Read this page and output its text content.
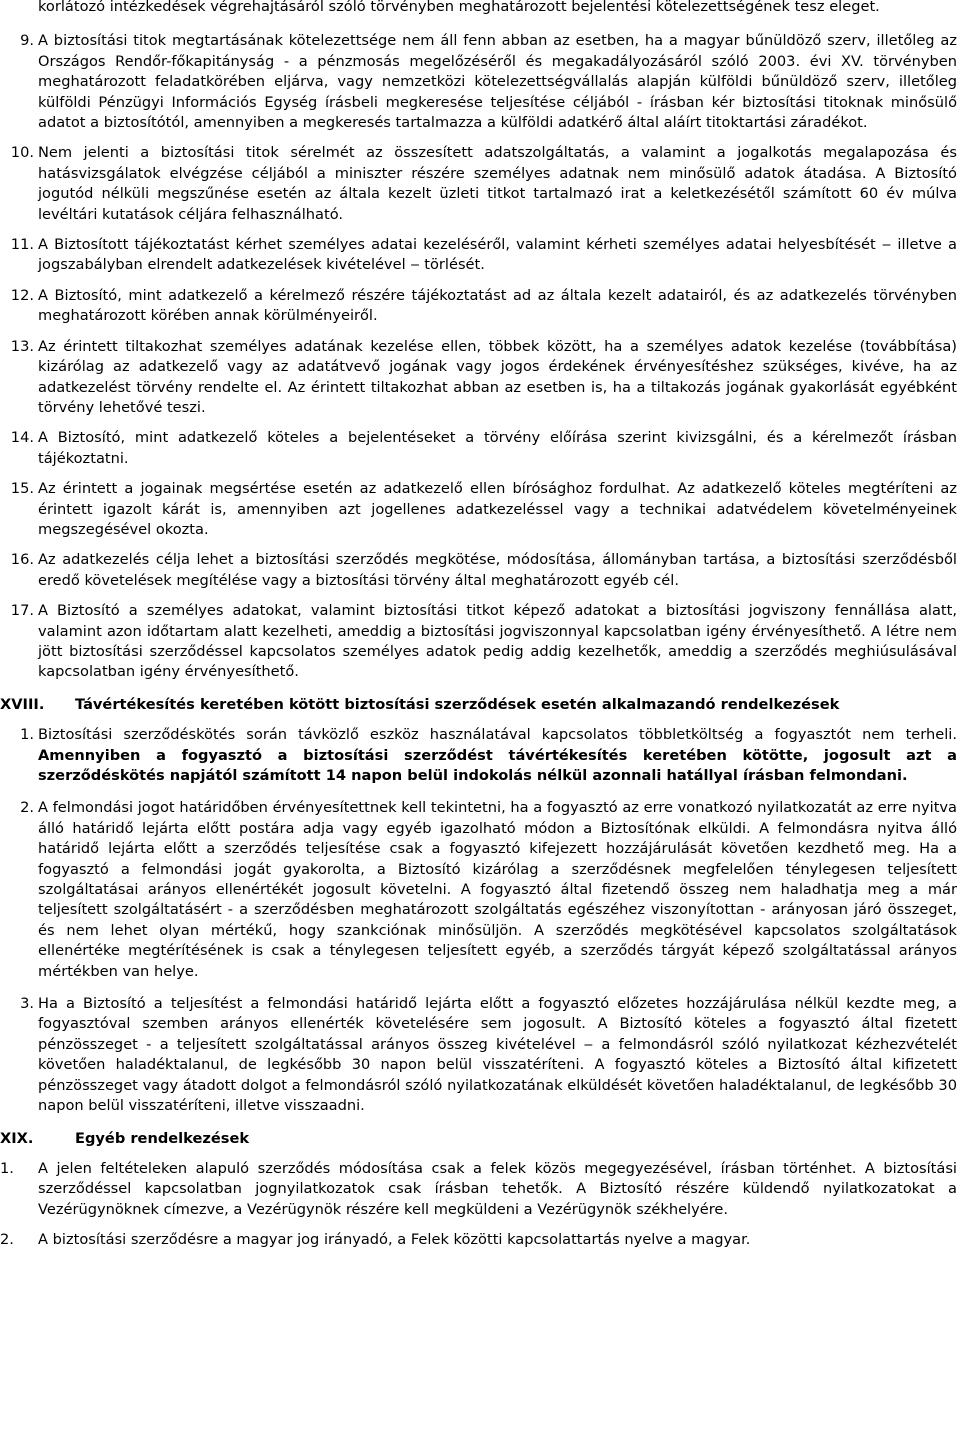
korlátozó intézkedések végrehajtásáról szóló törvényben meghatározott bejelentési kötelezettségének tesz eleget.

9. A biztosítási titok megtartásának kötelezettsége nem áll fenn abban az esetben, ha a magyar bűnüldöző szerv, illetőleg az Országos Rendőr-főkapitányság - a pénzmosás megelőzéséről és megakadályozásáról szóló 2003. évi XV. törvényben meghatározott feladatkörében eljárva, vagy nemzetközi kötelezettségvállalás alapján külföldi bűnüldöző szerv, illetőleg külföldi Pénzügyi Információs Egység írásbeli megkeresése teljesítése céljából - írásban kér biztosítási titoknak minősülő adatot a biztosítótól, amennyiben a megkeresés tartalmazza a külföldi adatkérő által aláírt titoktartási záradékot.

10. Nem jelenti a biztosítási titok sérelmét az összesített adatszolgáltatás, a valamint a jogalkotás megalapozása és hatásvizsgálatok elvégzése céljából a miniszter részére személyes adatnak nem minősülő adatok átadása. A Biztosító jogutód nélküli megszűnése esetén az általa kezelt üzleti titkot tartalmazó irat a keletkezésétől számított 60 év múlva levéltári kutatások céljára felhasználható.

11. A Biztosított tájékoztatást kérhet személyes adatai kezeléséről, valamint kérheti személyes adatai helyesbítését ‒ illetve a jogszabályban elrendelt adatkezelések kivételével ‒ törlését.

12. A Biztosító, mint adatkezelő a kérelmező részére tájékoztatást ad az általa kezelt adatairól, és az adatkezelés törvényben meghatározott körében annak körülményeiről.

13. Az érintett tiltakozhat személyes adatának kezelése ellen, többek között, ha a személyes adatok kezelése (továbbítása) kizárólag az adatkezelő vagy az adatátvevő jogának vagy jogos érdekének érvényesítéshez szükséges, kivéve, ha az adatkezelést törvény rendelte el. Az érintett tiltakozhat abban az esetben is, ha a tiltakozás jogának gyakorlását egyébként törvény lehetővé teszi.

14. A Biztosító, mint adatkezelő köteles a bejelentéseket a törvény előírása szerint kivizsgálni, és a kérelmezőt írásban tájékoztatni.

15. Az érintett a jogainak megsértése esetén az adatkezelő ellen bírósághoz fordulhat. Az adatkezelő köteles megtéríteni az érintett igazolt kárát is, amennyiben azt jogellenes adatkezeléssel vagy a technikai adatvédelem követelményeinek megszegésével okozta.

16. Az adatkezelés célja lehet a biztosítási szerződés megkötése, módosítása, állományban tartása, a biztosítási szerződésből eredő követelések megítélése vagy a biztosítási törvény által meghatározott egyéb cél.

17. A Biztosító a személyes adatokat, valamint biztosítási titkot képező adatokat a biztosítási jogviszony fennállása alatt, valamint azon időtartam alatt kezelheti, ameddig a biztosítási jogviszonnyal kapcsolatban igény érvényesíthető. A létre nem jött biztosítási szerződéssel kapcsolatos személyes adatok pedig addig kezelhetők, ameddig a szerződés meghiúsulásával kapcsolatban igény érvényesíthető.

XVIII.	Távértékesítés keretében kötött biztosítási szerződések esetén alkalmazandó rendelkezések
1. Biztosítási szerződéskötés során távközlő eszköz használatával kapcsolatos többletköltség a fogyasztót nem terheli. Amennyiben a fogyasztó a biztosítási szerződést távértékesítés keretében kötötte, jogosult azt a szerződéskötés napjától számított 14 napon belül indokolás nélkül azonnali hatállyal írásban felmondani.

2. A felmondási jogot határidőben érvényesítettnek kell tekintetni, ha a fogyasztó az erre vonatkozó nyilatkozatát az erre nyitva álló határidő lejárta előtt postára adja vagy egyéb igazolható módon a Biztosítónak elküldi. A felmondásra nyitva álló határidő lejárta előtt a szerződés teljesítése csak a fogyasztó kifejezett hozzájárulását követően kezdhető meg. Ha a fogyasztó a felmondási jogát gyakorolta, a Biztosító kizárólag a szerződésnek megfelelően ténylegesen teljesített szolgáltatásai arányos ellenértékét jogosult követelni. A fogyasztó által fizetendő összeg nem haladhatja meg a már teljesített szolgáltatásért - a szerződésben meghatározott szolgáltatás egészéhez viszonyítottan - arányosan járó összeget, és nem lehet olyan mértékű, hogy szankciónak minősüljön. A szerződés megkötésével kapcsolatos szolgáltatások ellenértéke megtérítésének is csak a ténylegesen teljesített egyéb, a szerződés tárgyát képező szolgáltatással arányos mértékben van helye.

3. Ha a Biztosító a teljesítést a felmondási határidő lejárta előtt a fogyasztó előzetes hozzájárulása nélkül kezdte meg, a fogyasztóval szemben arányos ellenérték követelésére sem jogosult. A Biztosító köteles a fogyasztó által fizetett pénzösszeget - a teljesített szolgáltatással arányos összeg kivételével ‒ a felmondásról szóló nyilatkozat kézhezvételét követően haladéktalanul, de legkésőbb 30 napon belül visszatéríteni. A fogyasztó köteles a Biztosító által kifizetett pénzösszeget vagy átadott dolgot a felmondásról szóló nyilatkozatának elküldését követően haladéktalanul, de legkésőbb 30 napon belül visszatéríteni, illetve visszaadni.

XIX.	Egyéb rendelkezések
1.	A jelen feltételeken alapuló szerződés módosítása csak a felek közös megegyezésével, írásban történhet. A biztosítási szerződéssel kapcsolatban jognyilatkozatok csak írásban tehetők. A Biztosító részére küldendő nyilatkozatokat a Vezérügynöknek címezve, a Vezérügynök részére kell megküldeni a Vezérügynök székhelyére.

2.	A biztosítási szerződésre a magyar jog irányadó, a Felek közötti kapcsolattartás nyelve a magyar.
